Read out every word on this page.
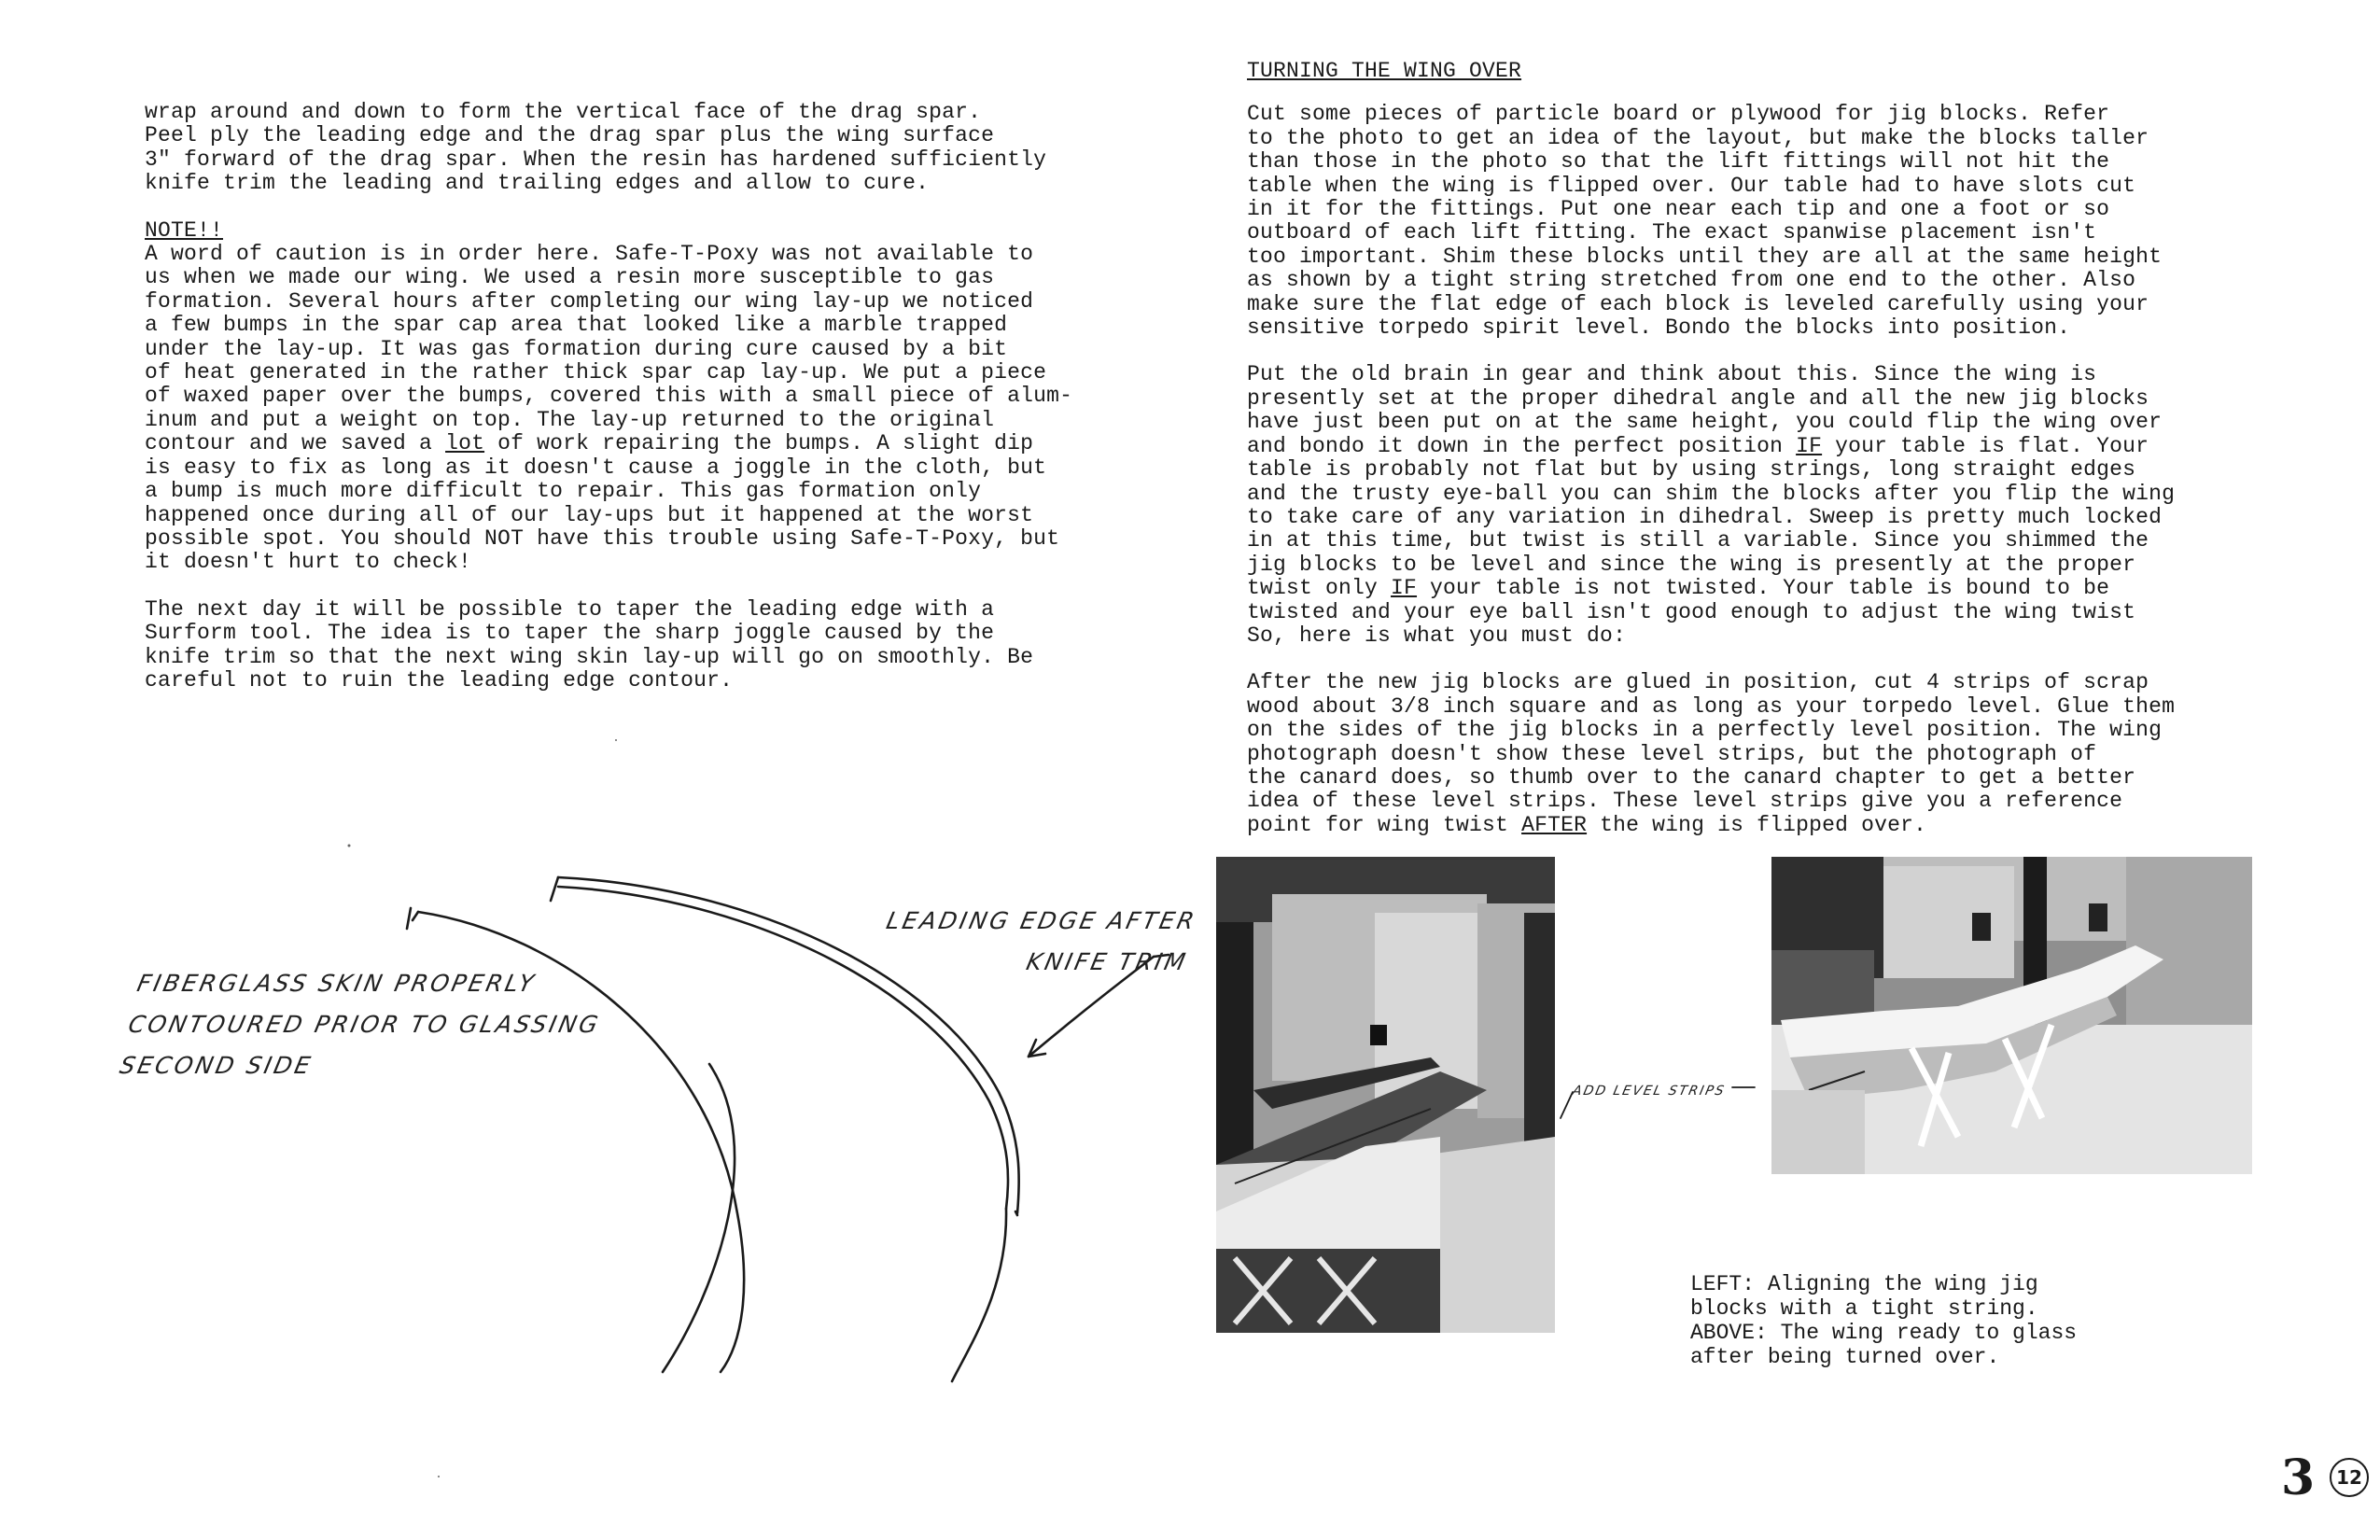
wrap around and down to form the vertical face of the drag spar.
Peel ply the leading edge and the drag spar plus the wing surface
3" forward of the drag spar. When the resin has hardened sufficiently
knife trim the leading and trailing edges and allow to cure.

NOTE!!

A word of caution is in order here. Safe-T-Poxy was not available to
us when we made our wing. We used a resin more susceptible to gas
formation. Several hours after completing our wing lay-up we noticed
a few bumps in the spar cap area that looked like a marble trapped
under the lay-up. It was gas formation during cure caused by a bit
of heat generated in the rather thick spar cap lay-up. We put a piece
of waxed paper over the bumps, covered this with a small piece of alum-
inum and put a weight on top. The lay-up returned to the original
contour and we saved a lot of work repairing the bumps. A slight dip
is easy to fix as long as it doesn't cause a joggle in the cloth, but
a bump is much more difficult to repair. This gas formation only
happened once during all of our lay-ups but it happened at the worst
possible spot. You should NOT have this trouble using Safe-T-Poxy, but
it doesn't hurt to check!

The next day it will be possible to taper the leading edge with a
Surform tool. The idea is to taper the sharp joggle caused by the
knife trim so that the next wing skin lay-up will go on smoothly. Be
careful not to ruin the leading edge contour.

TURNING THE WING OVER

Cut some pieces of particle board or plywood for jig blocks. Refer
to the photo to get an idea of the layout, but make the blocks taller
than those in the photo so that the lift fittings will not hit the
table when the wing is flipped over. Our table had to have slots cut
in it for the fittings. Put one near each tip and one a foot or so
outboard of each lift fitting. The exact spanwise placement isn't
too important. Shim these blocks until they are all at the same height
as shown by a tight string stretched from one end to the other. Also
make sure the flat edge of each block is leveled carefully using your
sensitive torpedo spirit level. Bondo the blocks into position.

Put the old brain in gear and think about this. Since the wing is
presently set at the proper dihedral angle and all the new jig blocks
have just been put on at the same height, you could flip the wing over
and bondo it down in the perfect position IF your table is flat. Your
table is probably not flat but by using strings, long straight edges
and the trusty eye-ball you can shim the blocks after you flip the wing
to take care of any variation in dihedral. Sweep is pretty much locked
in at this time, but twist is still a variable. Since you shimmed the
jig blocks to be level and since the wing is presently at the proper
twist only IF your table is not twisted. Your table is bound to be
twisted and your eye ball isn't good enough to adjust the wing twist
So, here is what you must do:

After the new jig blocks are glued in position, cut 4 strips of scrap
wood about 3/8 inch square and as long as your torpedo level. Glue them
on the sides of the jig blocks in a perfectly level position. The wing
photograph doesn't show these level strips, but the photograph of
the canard does, so thumb over to the canard chapter to get a better
idea of these level strips. These level strips give you a reference
point for wing twist AFTER the wing is flipped over.

FIBERGLASS SKIN PROPERLY
CONTOURED PRIOR TO GLASSING
SECOND SIDE
LEADING EDGE AFTER
KNIFE TRIM
ADD LEVEL STRIPS
LEFT: Aligning the wing jig
blocks with a tight string.
ABOVE: The wing ready to glass
after being turned over.
3	12
